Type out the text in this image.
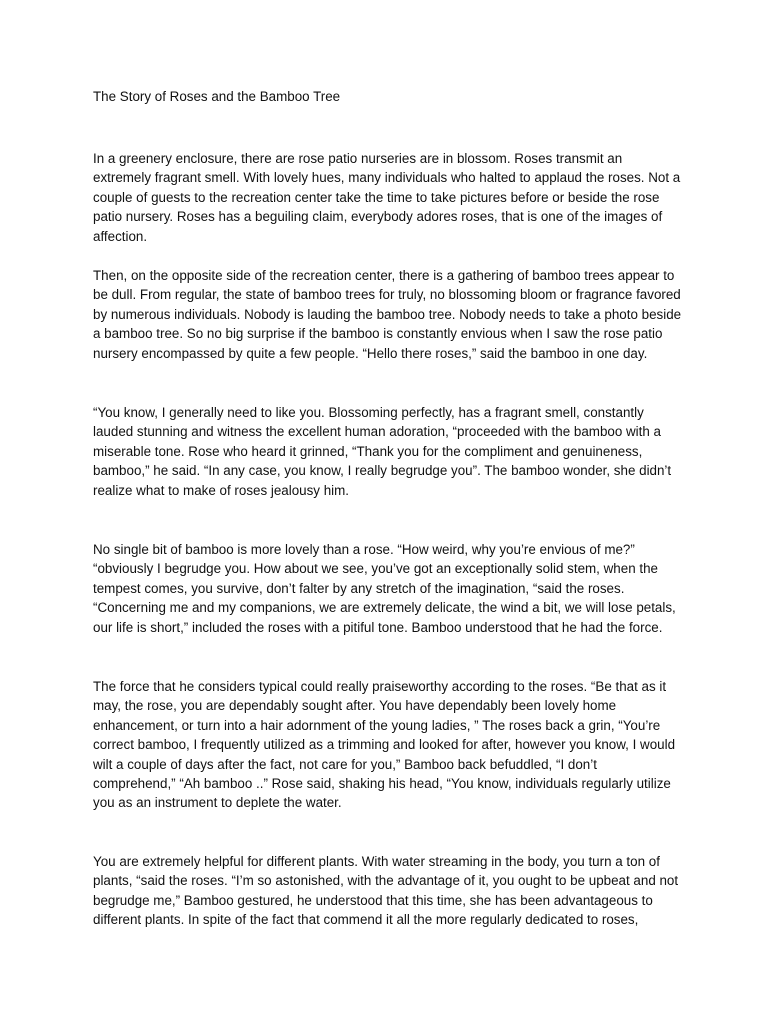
The Story of Roses and the Bamboo Tree

In a greenery enclosure, there are rose patio nurseries are in blossom. Roses transmit an extremely fragrant smell. With lovely hues, many individuals who halted to applaud the roses. Not a couple of guests to the recreation center take the time to take pictures before or beside the rose patio nursery. Roses has a beguiling claim, everybody adores roses, that is one of the images of affection.

Then, on the opposite side of the recreation center, there is a gathering of bamboo trees appear to be dull. From regular, the state of bamboo trees for truly, no blossoming bloom or fragrance favored by numerous individuals. Nobody is lauding the bamboo tree. Nobody needs to take a photo beside a bamboo tree. So no big surprise if the bamboo is constantly envious when I saw the rose patio nursery encompassed by quite a few people. “Hello there roses,” said the bamboo in one day.

“You know, I generally need to like you. Blossoming perfectly, has a fragrant smell, constantly lauded stunning and witness the excellent human adoration, “proceeded with the bamboo with a miserable tone. Rose who heard it grinned, “Thank you for the compliment and genuineness, bamboo,” he said. “In any case, you know, I really begrudge you”. The bamboo wonder, she didn’t realize what to make of roses jealousy him.

No single bit of bamboo is more lovely than a rose. “How weird, why you’re envious of me?” “obviously I begrudge you. How about we see, you’ve got an exceptionally solid stem, when the tempest comes, you survive, don’t falter by any stretch of the imagination, “said the roses. “Concerning me and my companions, we are extremely delicate, the wind a bit, we will lose petals, our life is short,” included the roses with a pitiful tone. Bamboo understood that he had the force.

The force that he considers typical could really praiseworthy according to the roses. “Be that as it may, the rose, you are dependably sought after. You have dependably been lovely home enhancement, or turn into a hair adornment of the young ladies, ” The roses back a grin, “You’re correct bamboo, I frequently utilized as a trimming and looked for after, however you know, I would wilt a couple of days after the fact, not care for you,” Bamboo back befuddled, “I don’t comprehend,” “Ah bamboo ..” Rose said, shaking his head, “You know, individuals regularly utilize you as an instrument to deplete the water.

You are extremely helpful for different plants. With water streaming in the body, you turn a ton of plants, “said the roses. “I’m so astonished, with the advantage of it, you ought to be upbeat and not begrudge me,” Bamboo gestured, he understood that this time, she has been advantageous to different plants. In spite of the fact that commend it all the more regularly dedicated to roses,
